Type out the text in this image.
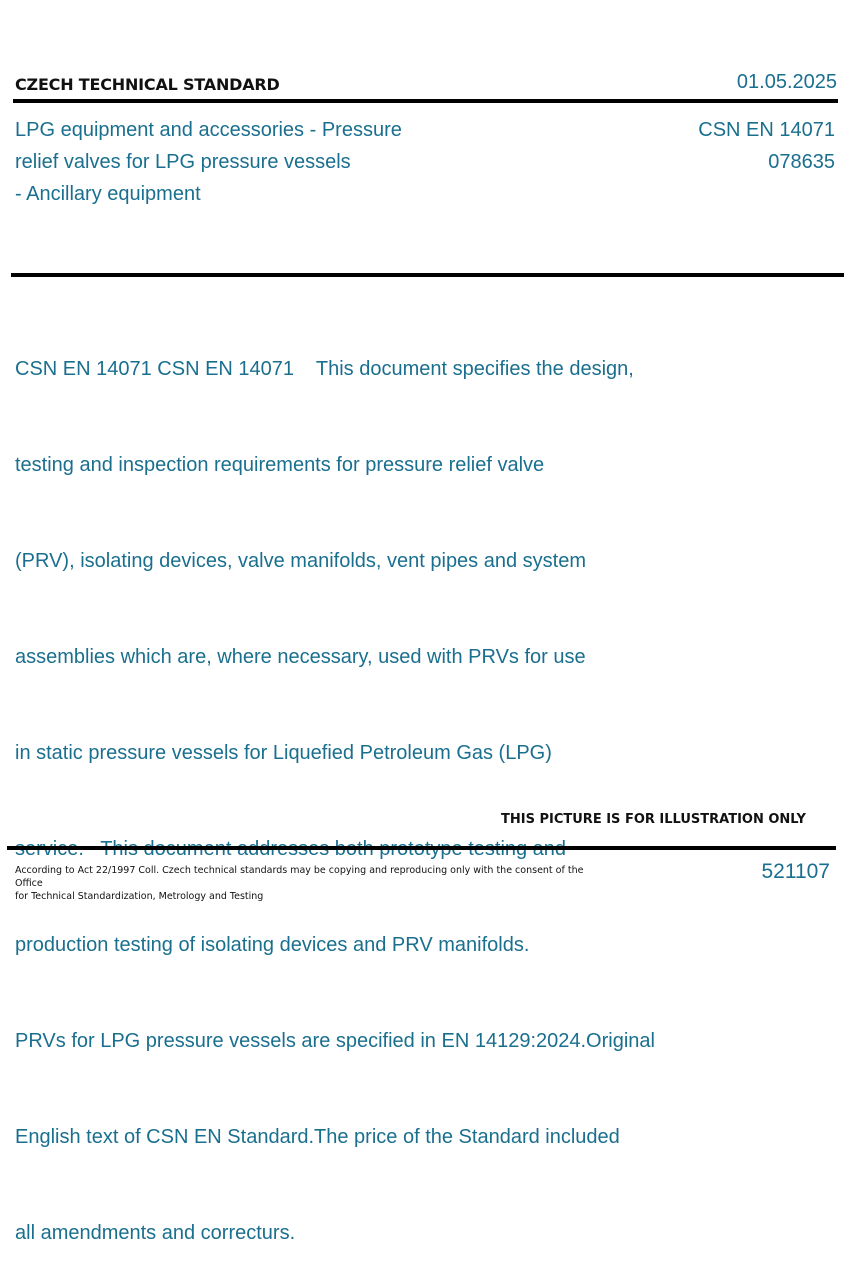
CZECH TECHNICAL STANDARD	01.05.2025
LPG equipment and accessories - Pressure
relief valves for LPG pressure vessels
- Ancillary equipment
CSN EN 14071
078635

CSN EN 14071 CSN EN 14071    This document specifies the design,

testing and inspection requirements for pressure relief valve

(PRV), isolating devices, valve manifolds, vent pipes and system

assemblies which are, where necessary, used with PRVs for use

in static pressure vessels for Liquefied Petroleum Gas (LPG)

production testing of isolating devices and PRV manifolds.

PRVs for LPG pressure vessels are specified in EN 14129:2024.Original

English text of CSN EN Standard.The price of the Standard included

all amendments and correcturs.

THIS PICTURE IS FOR ILLUSTRATION ONLY
According to Act 22/1997 Coll. Czech technical standards may be copying and reproducing only with the consent of the Office
for Technical Standardization, Metrology and Testing
521107
